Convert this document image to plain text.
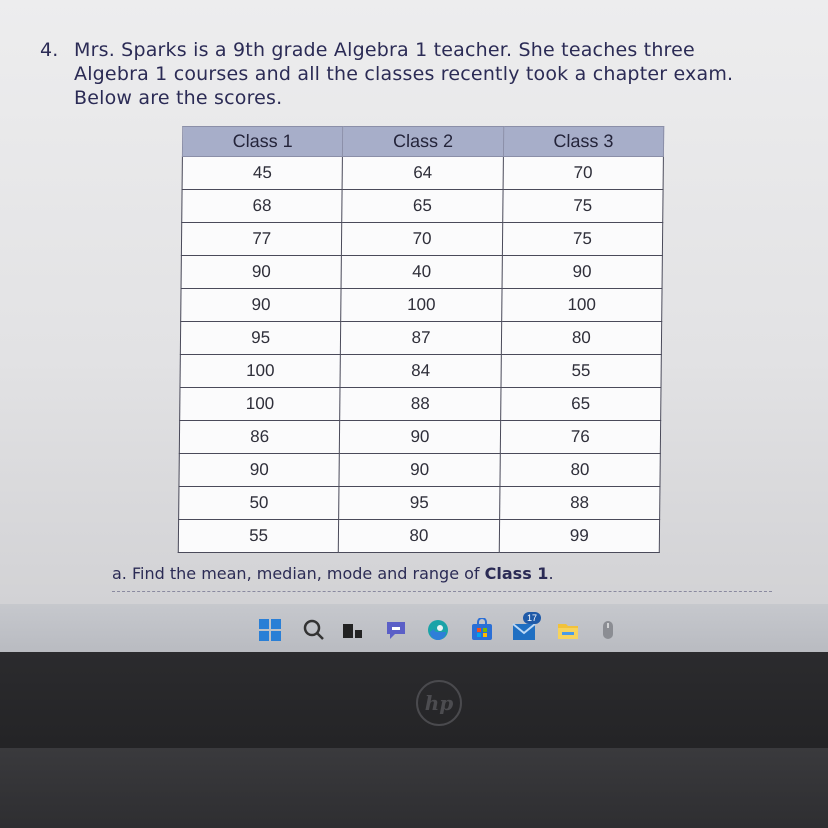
4. Mrs. Sparks is a 9th grade Algebra 1 teacher. She teaches three
Algebra 1 courses and all the classes recently took a chapter exam.
Below are the scores.
Class 1	Class 2	Class 3
45	64	70
68	65	75
77	70	75
90	40	90
90	100	100
95	87	80
100	84	55
100	88	65
86	90	76
90	90	80
50	95	88
55	80	99
a. Find the mean, median, mode and range of Class 1.
17
hp
